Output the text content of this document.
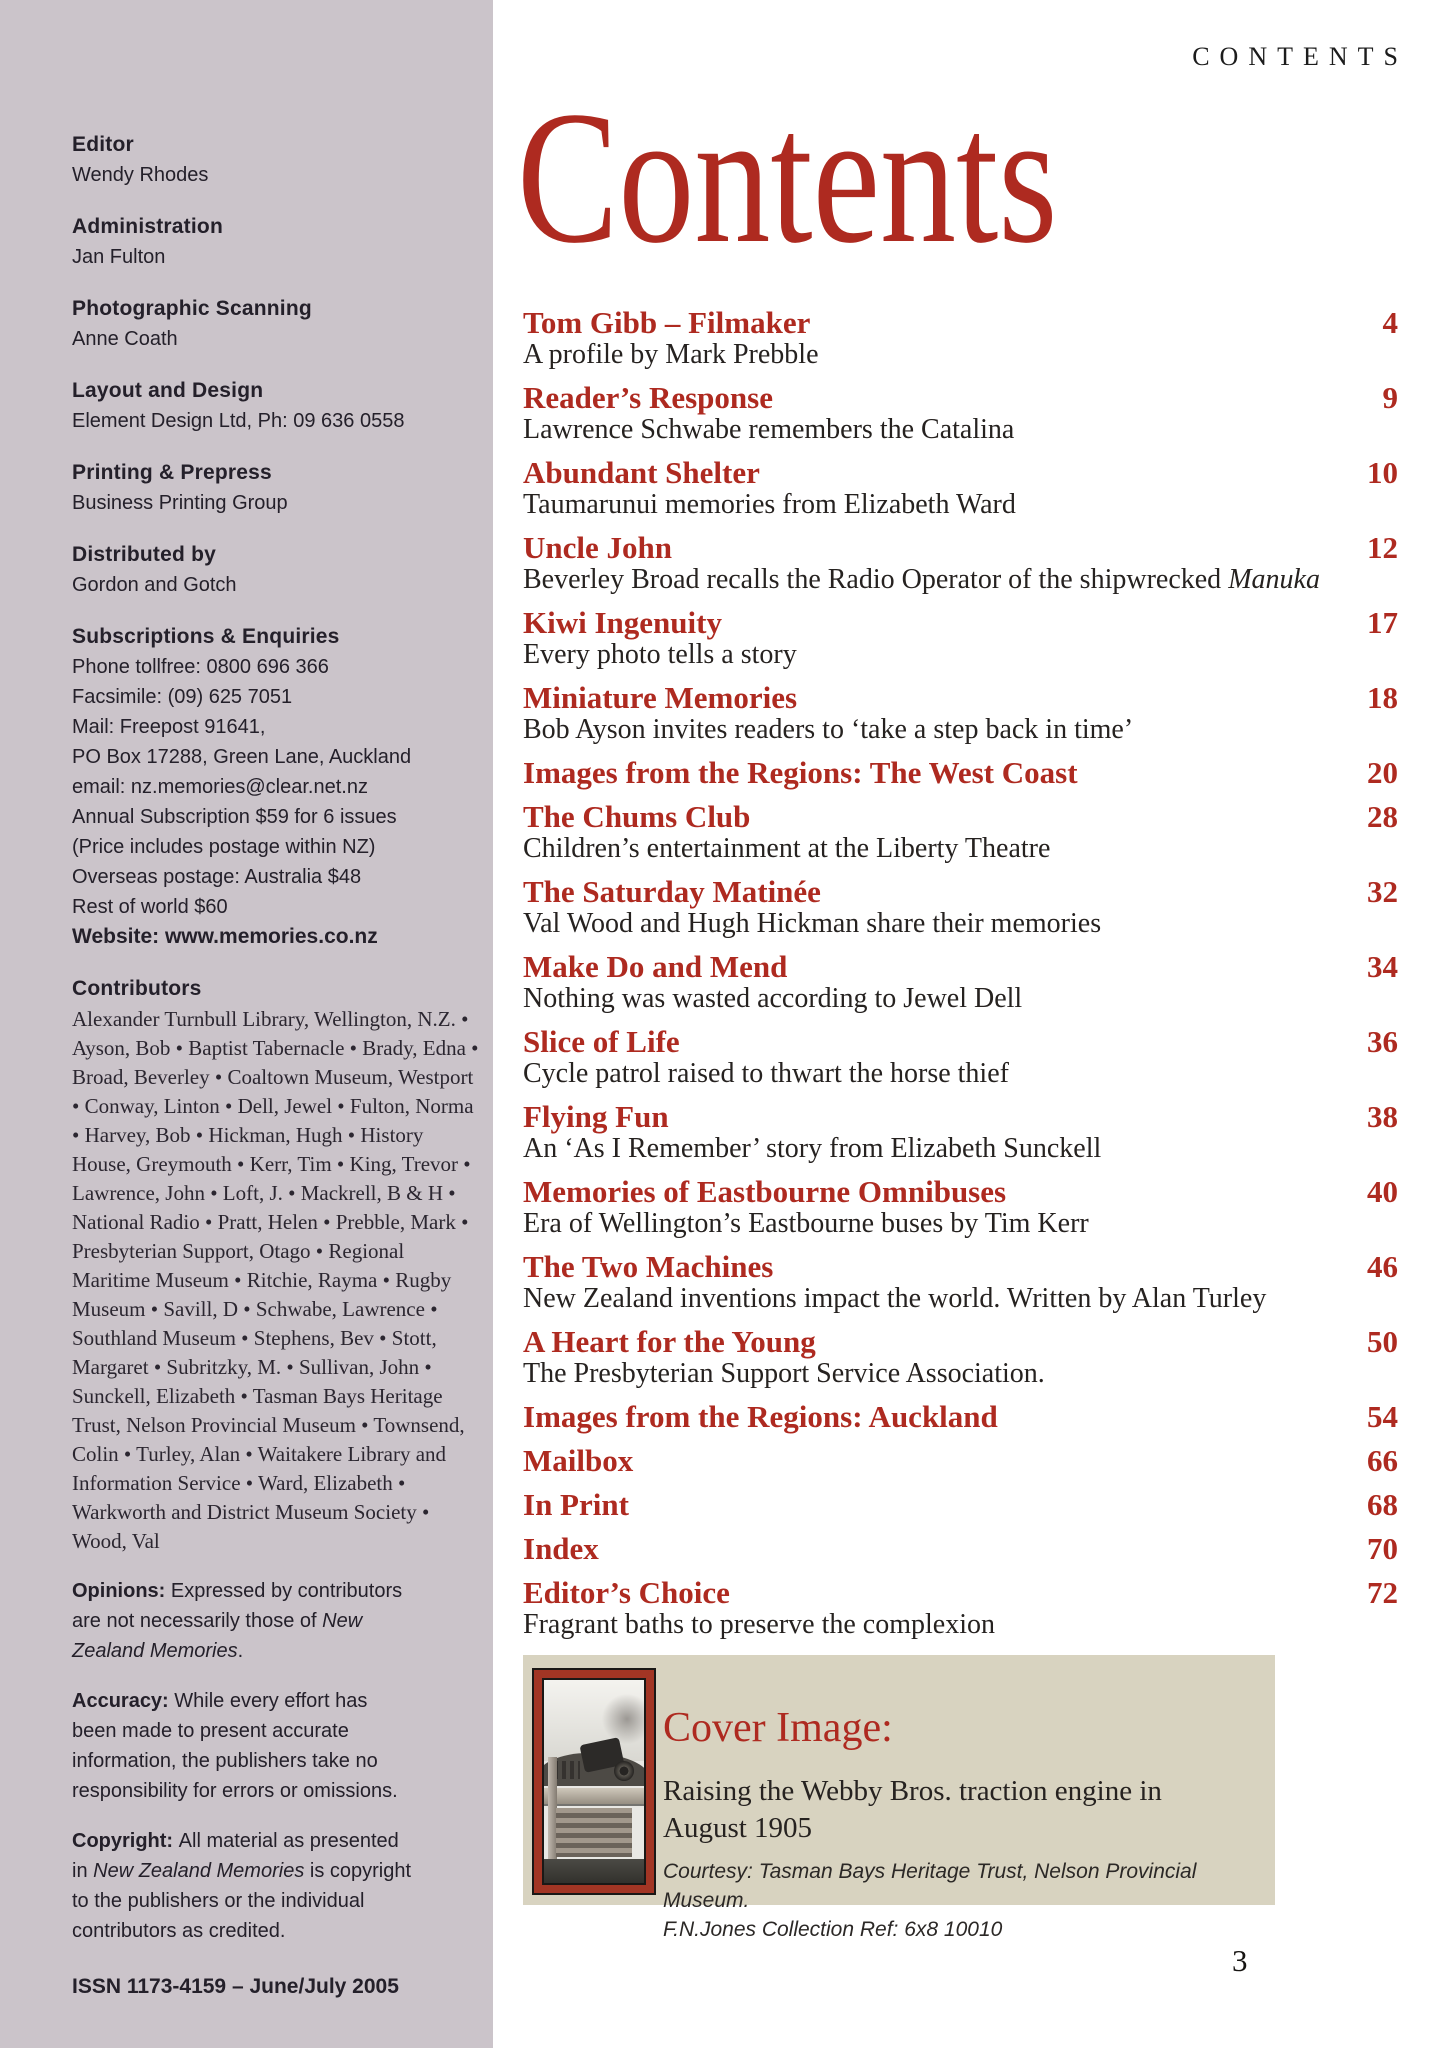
Editor
Wendy Rhodes
Administration
Jan Fulton
Photographic Scanning
Anne Coath
Layout and Design
Element Design Ltd, Ph: 09 636 0558
Printing & Prepress
Business Printing Group
Distributed by
Gordon and Gotch
Subscriptions & Enquiries
Phone tollfree: 0800 696 366
Facsimile: (09) 625 7051
Mail: Freepost 91641,
PO Box 17288, Green Lane, Auckland
email: nz.memories@clear.net.nz
Annual Subscription $59 for 6 issues
(Price includes postage within NZ)
Overseas postage: Australia $48
Rest of world $60
Website: www.memories.co.nz
Contributors
Alexander Turnbull Library, Wellington, N.Z. • Ayson, Bob • Baptist Tabernacle • Brady, Edna • Broad, Beverley • Coaltown Museum, Westport • Conway, Linton • Dell, Jewel • Fulton, Norma • Harvey, Bob • Hickman, Hugh • History House, Greymouth • Kerr, Tim • King, Trevor • Lawrence, John • Loft, J. • Mackrell, B & H • National Radio • Pratt, Helen • Prebble, Mark • Presbyterian Support, Otago • Regional Maritime Museum • Ritchie, Rayma • Rugby Museum • Savill, D • Schwabe, Lawrence • Southland Museum • Stephens, Bev • Stott, Margaret • Subritzky, M. • Sullivan, John • Sunckell, Elizabeth • Tasman Bays Heritage Trust, Nelson Provincial Museum • Townsend, Colin • Turley, Alan • Waitakere Library and Information Service • Ward, Elizabeth • Warkworth and District Museum Society • Wood, Val
Opinions: Expressed by contributors are not necessarily those of New Zealand Memories.
Accuracy: While every effort has been made to present accurate information, the publishers take no responsibility for errors or omissions.
Copyright: All material as presented in New Zealand Memories is copyright to the publishers or the individual contributors as credited.
ISSN 1173-4159 – June/July 2005
CONTENTS
Contents
Tom Gibb – Filmaker	4
A profile by Mark Prebble
Reader’s Response	9
Lawrence Schwabe remembers the Catalina
Abundant Shelter	10
Taumarunui memories from Elizabeth Ward
Uncle John	12
Beverley Broad recalls the Radio Operator of the shipwrecked Manuka
Kiwi Ingenuity	17
Every photo tells a story
Miniature Memories	18
Bob Ayson invites readers to ‘take a step back in time’
Images from the Regions: The West Coast	20
The Chums Club	28
Children’s entertainment at the Liberty Theatre
The Saturday Matinée	32
Val Wood and Hugh Hickman share their memories
Make Do and Mend	34
Nothing was wasted according to Jewel Dell
Slice of Life	36
Cycle patrol raised to thwart the horse thief
Flying Fun	38
An ‘As I Remember’ story from Elizabeth Sunckell
Memories of Eastbourne Omnibuses	40
Era of Wellington’s Eastbourne buses by Tim Kerr
The Two Machines	46
New Zealand inventions impact the world. Written by Alan Turley
A Heart for the Young	50
The Presbyterian Support Service Association.
Images from the Regions: Auckland	54
Mailbox	66
In Print	68
Index	70
Editor’s Choice	72
Fragrant baths to preserve the complexion
Cover Image:
Raising the Webby Bros. traction engine in August 1905
Courtesy: Tasman Bays Heritage Trust, Nelson Provincial Museum.
F.N.Jones Collection Ref: 6x8 10010
3
